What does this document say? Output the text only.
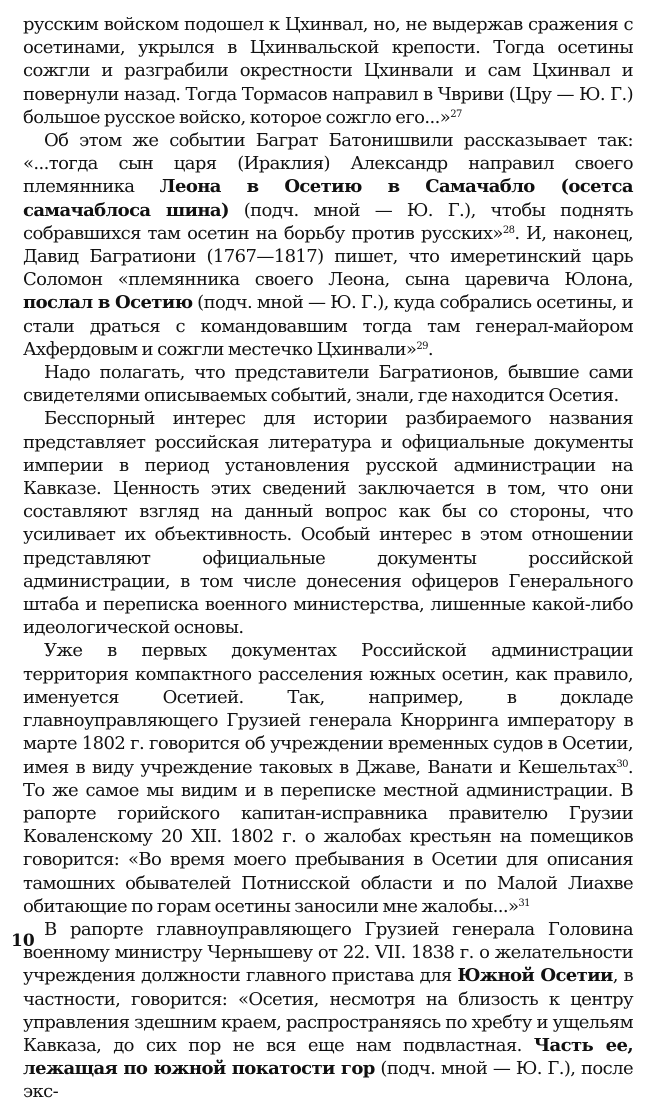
русским войском подошел к Цхинвал, но, не выдержав сражения с осетинами, укрылся в Цхинвальской крепости. Тогда осетины сожгли и разграбили окрестности Цхинвали и сам Цхинвал и повернули назад. Тогда Тормасов направил в Чвриви (Цру — Ю. Г.) большое русское войско, которое сожгло его...»$^{27}$

Об этом же событии Баграт Батонишвили рассказывает так: «...тогда сын царя (Ираклия) Александр направил своего племянника Леона в Осетию в Самачабло (осетса самачаблоса шина) (подч. мной — Ю. Г.), чтобы поднять собравшихся там осетин на борьбу против русских»$^{28}$. И, наконец, Давид Багратиони (1767—1817) пишет, что имеретинский царь Соломон «племянника своего Леона, сына царевича Юлона, послал в Осетию (подч. мной — Ю. Г.), куда собрались осетины, и стали драться с командовавшим тогда там генерал-майором Ахфердовым и сожгли местечко Цхинвали»$^{29}$.

Надо полагать, что представители Багратионов, бывшие сами свидетелями описываемых событий, знали, где находится Осетия.

Бесспорный интерес для истории разбираемого названия представляет российская литература и официальные документы империи в период установления русской администрации на Кавказе. Ценность этих сведений заключается в том, что они составляют взгляд на данный вопрос как бы со стороны, что усиливает их объективность. Особый интерес в этом отношении представляют официальные документы российской администрации, в том числе донесения офицеров Генерального штаба и переписка военного министерства, лишенные какой-либо идеологической основы.

Уже в первых документах Российской администрации территория компактного расселения южных осетин, как правило, именуется Осетией. Так, например, в докладе главноуправляющего Грузией генерала Кнорринга императору в марте 1802 г. говорится об учреждении временных судов в Осетии, имея в виду учреждение таковых в Джаве, Ванати и Кешельтах$^{30}$. То же самое мы видим и в переписке местной администрации. В рапорте горийского капитан-исправника правителю Грузии Коваленскому 20 XII. 1802 г. о жалобах крестьян на помещиков говорится: «Во время моего пребывания в Осетии для описания тамошних обывателей Потнисской области и по Малой Лиахве обитающие по горам осетины заносили мне жалобы...»$^{31}$

В рапорте главноуправляющего Грузией генерала Головина военному министру Чернышеву от 22. VII. 1838 г. о желательности учреждения должности главного пристава для Южной Осетии, в частности, говорится: «Осетия, несмотря на близость к центру управления здешним краем, распространяясь по хребту и ущельям Кавказа, до сих пор не вся еще нам подвластная. Часть ее, лежащая по южной покатости гор (подч. мной — Ю. Г.), после экс-

10
